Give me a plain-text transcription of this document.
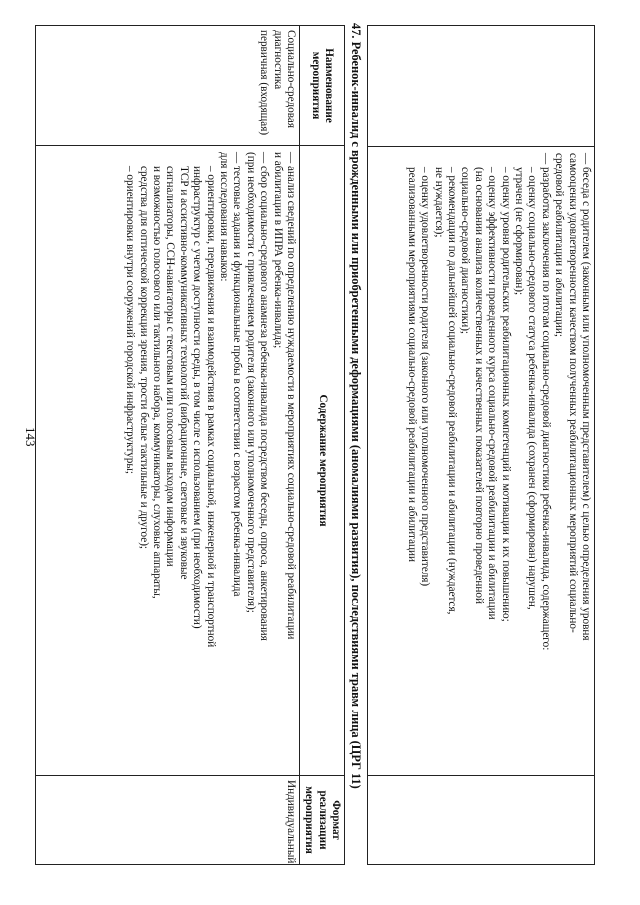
143	— беседа с родителем (законным или уполномоченным представителем) с целью определения уровня
самооценки удовлетворенности качеством полученных реабилитационных мероприятий социально-
средовой реабилитации и абилитации;
— разработка заключения по итогам социально-средовой диагностики ребенка-инвалида, содержащего:
– оценку социально-средового статуса ребенка-инвалида (сохранен (сформирован) нарушен,
утрачен (не сформирован);
– оценку уровня родительских реабилитационных компетенций и мотивации к их повышению;
– оценку эффективности проведенного курса социально-средовой реабилитации и абилитации
(на основании анализа количественных и качественных показателей повторно проведенной
социально-средовой диагностики);
– рекомендации по дальнейшей социально-средовой реабилитации и абилитации (нуждается,
не нуждается);
– оценку удовлетворенности родителя (законного или уполномоченного представителя)
реализованными мероприятиями социально-средовой реабилитации и абилитации
47. Ребенок-инвалид с врожденными или приобретенными деформациями (аномалиями развития), последствиями травм лица (ЦРГ 11)
Наименование мероприятия
Содержание мероприятия
Формат реализации мероприятия
Социально-средовая диагностика первичная (входящая)
— анализ сведений по определению нуждаемости в мероприятиях социально-средовой реабилитации
и абилитации в ИПРА ребенка-инвалида;
— сбор социально-средового анамнеза ребенка-инвалида посредством беседы, опроса, анкетирования
(при необходимости с привлечением родителя (законного или уполномоченного представителя);
— тестовые задания и функциональные пробы в соответствии с возрастом ребенка-инвалида
для исследования навыков:
– ориентировки, передвижения и взаимодействия в рамках социальной, инженерной и транспортной
инфраструктур с учетом доступности среды, в том числе с использованием (при необходимости)
ТСР и ассистивно-коммуникативных технологий (вибрационные, световые и звуковые
сигнализаторы, ССН-навигаторы с текстовым или голосовым выходом информации
и возможностью голосового или тактильного набора, коммуникаторы, слуховые аппараты,
средства для оптической коррекции зрения, трости белые тактильные и другое);
– ориентировки внутри сооружений городской инфраструктуры;
Индивидуальный
